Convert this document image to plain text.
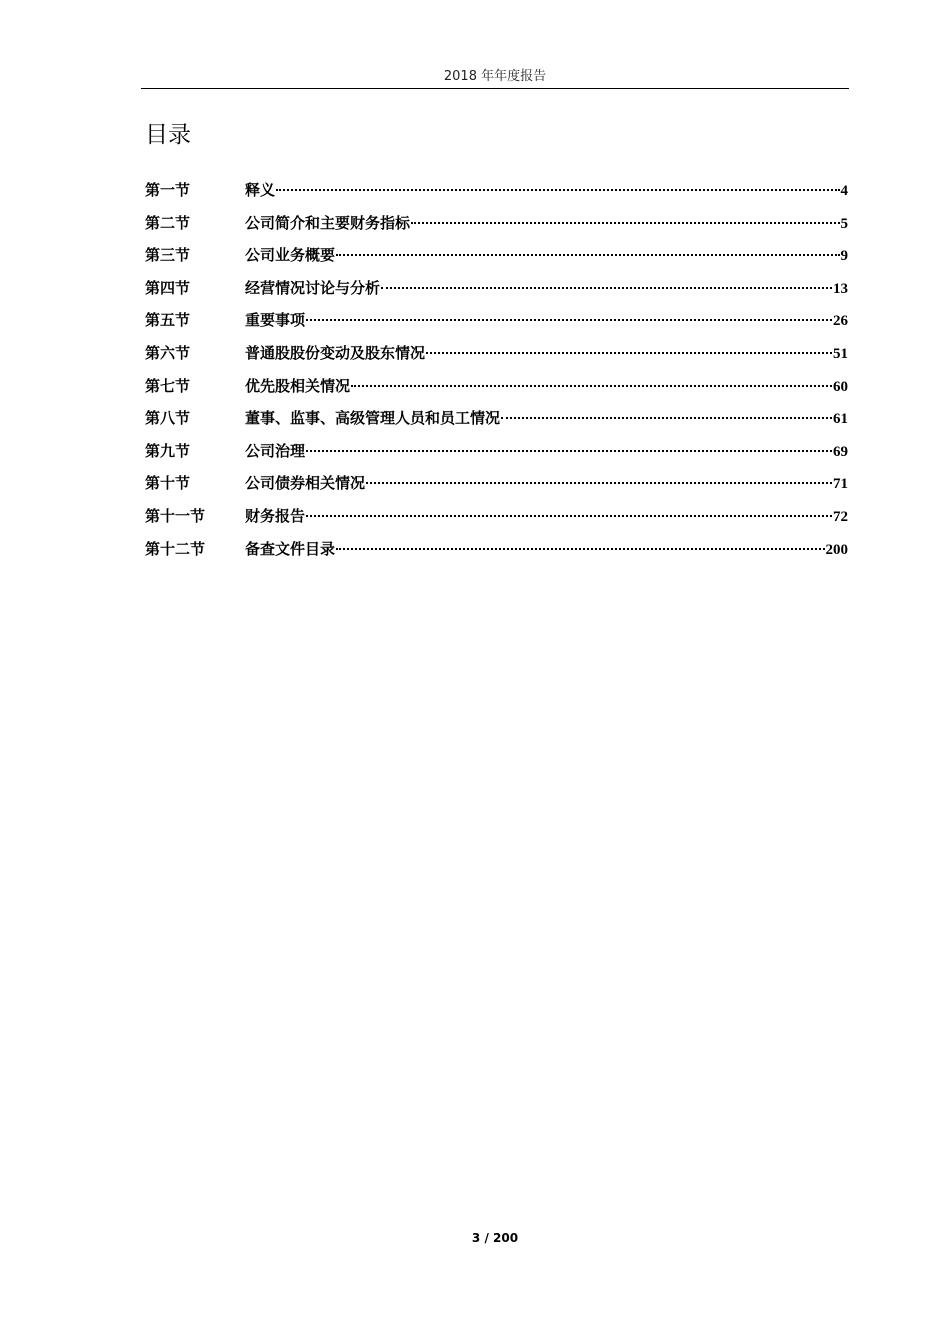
2018 年年度报告
目录
第一节	释义	4
第二节	公司简介和主要财务指标	5
第三节	公司业务概要	9
第四节	经营情况讨论与分析	13
第五节	重要事项	26
第六节	普通股股份变动及股东情况	51
第七节	优先股相关情况	60
第八节	董事、监事、高级管理人员和员工情况	61
第九节	公司治理	69
第十节	公司债券相关情况	71
第十一节	财务报告	72
第十二节	备查文件目录	200
3 / 200
